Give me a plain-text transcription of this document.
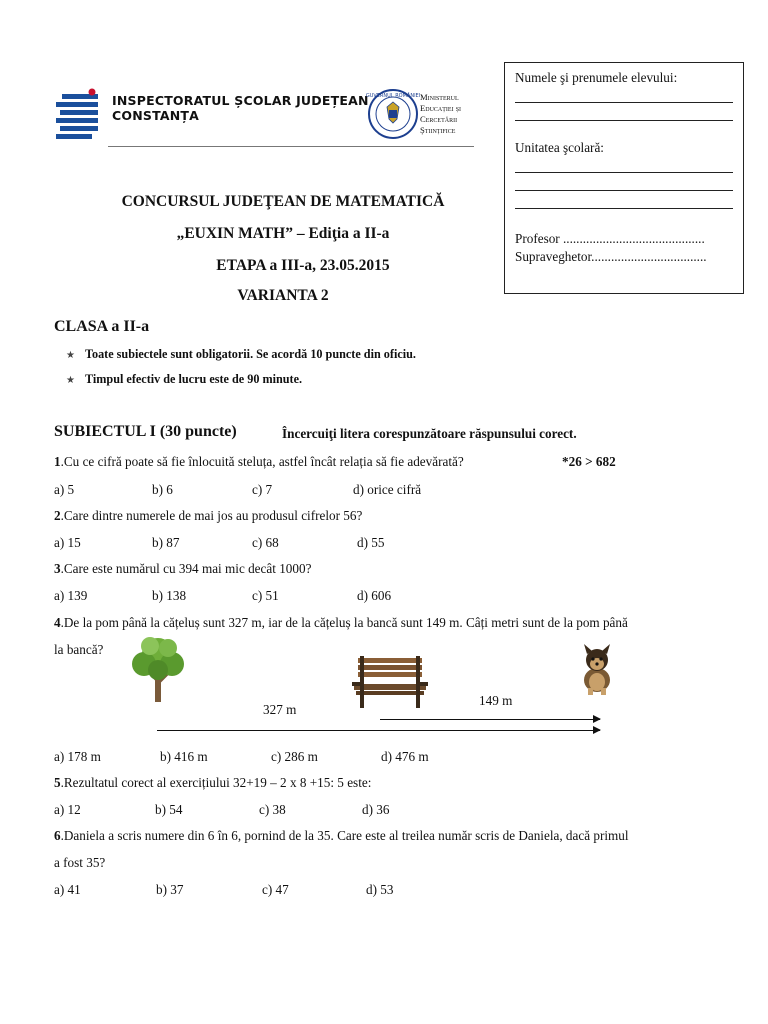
INSPECTORATUL ȘCOLAR JUDEȚEAN
CONSTANȚA
GUVERNUL ROMÂNIEI Ministerul
Educației și
Cercetării
Științifice
Numele şi prenumele elevului:
Unitatea şcolară:
Profesor ...........................................
Supraveghetor...................................
CONCURSUL JUDEŢEAN DE MATEMATICĂ
„EUXIN MATH” – Ediţia a II-a
ETAPA a III-a, 23.05.2015
VARIANTA 2
CLASA a II-a
★ Toate subiectele sunt obligatorii. Se acordă 10 puncte din oficiu.
★ Timpul efectiv de lucru este de 90 minute.
SUBIECTUL I (30 puncte)	Încercuiţi litera corespunzătoare răspunsului corect.
1.Cu ce cifră poate să fie înlocuită steluța, astfel încât relația să fie adevărată?	*26 > 682
a) 5	b) 6	c) 7	d) orice cifră
2.Care dintre numerele de mai jos au produsul cifrelor 56?
a) 15	b) 87	c) 68	d) 55
3.Care este numărul cu 394 mai mic decât 1000?
a) 139	b) 138	c) 51	d) 606
4.De la pom până la cățeluș sunt 327 m, iar de la cățeluș la bancă sunt 149 m. Câți metri sunt de la pom până
la bancă?
327 m
149 m
a) 178 m	b) 416 m	c) 286 m	d) 476 m
5.Rezultatul corect al exercițiului 32+19 – 2 x 8 +15: 5 este:
a) 12	b) 54	c) 38	d) 36
6.Daniela a scris numere din 6 în 6, pornind de la 35. Care este al treilea număr scris de Daniela, dacă primul
a fost 35?
a) 41	b) 37	c) 47	d) 53
